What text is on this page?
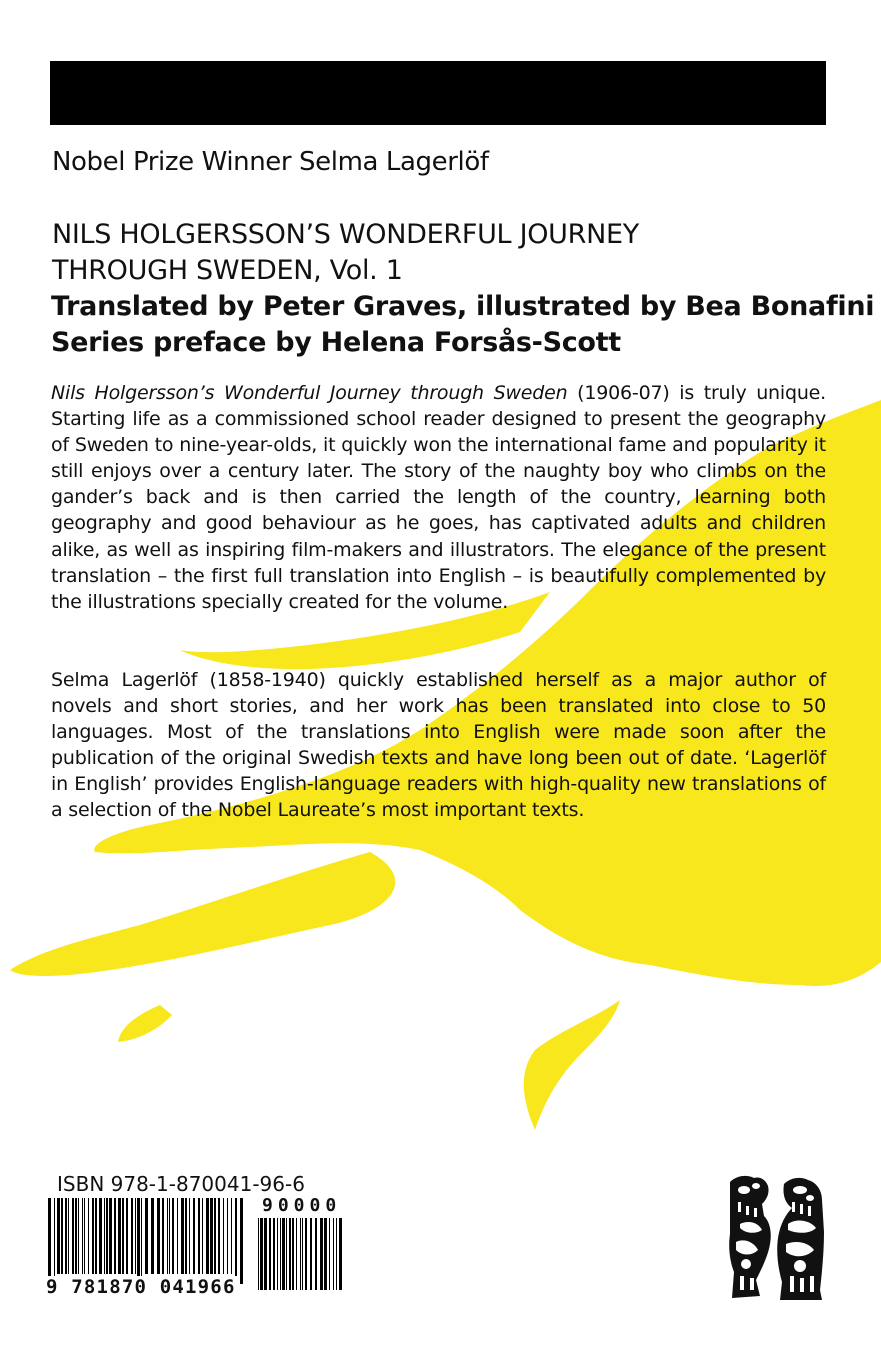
Nobel Prize Winner Selma Lagerlöf
NILS HOLGERSSON’S WONDERFUL JOURNEY
THROUGH SWEDEN, Vol. 1
Translated by Peter Graves, illustrated by Bea Bonafini
Series preface by Helena Forsås-Scott
Nils Holgersson’s Wonderful Journey through Sweden (1906-07) is truly unique. Starting life as a commissioned school reader designed to present the geography of Sweden to nine-year-olds, it quickly won the international fame and popularity it still enjoys over a century later. The story of the naughty boy who climbs on the gander’s back and is then carried the length of the country, learning both geography and good behaviour as he goes, has captivated adults and children alike, as well as inspiring film-makers and illustrators. The elegance of the present translation – the first full translation into English – is beautifully complemented by the illustrations specially created for the volume.
Selma Lagerlöf (1858-1940) quickly established herself as a major author of novels and short stories, and her work has been translated into close to 50 languages. Most of the translations into English were made soon after the publication of the original Swedish texts and have long been out of date. ‘Lagerlöf in English’ provides English-language readers with high-quality new translations of a selection of the Nobel Laureate’s most important texts.
ISBN 978-1-870041-96-6
90000
9 781870 041966
